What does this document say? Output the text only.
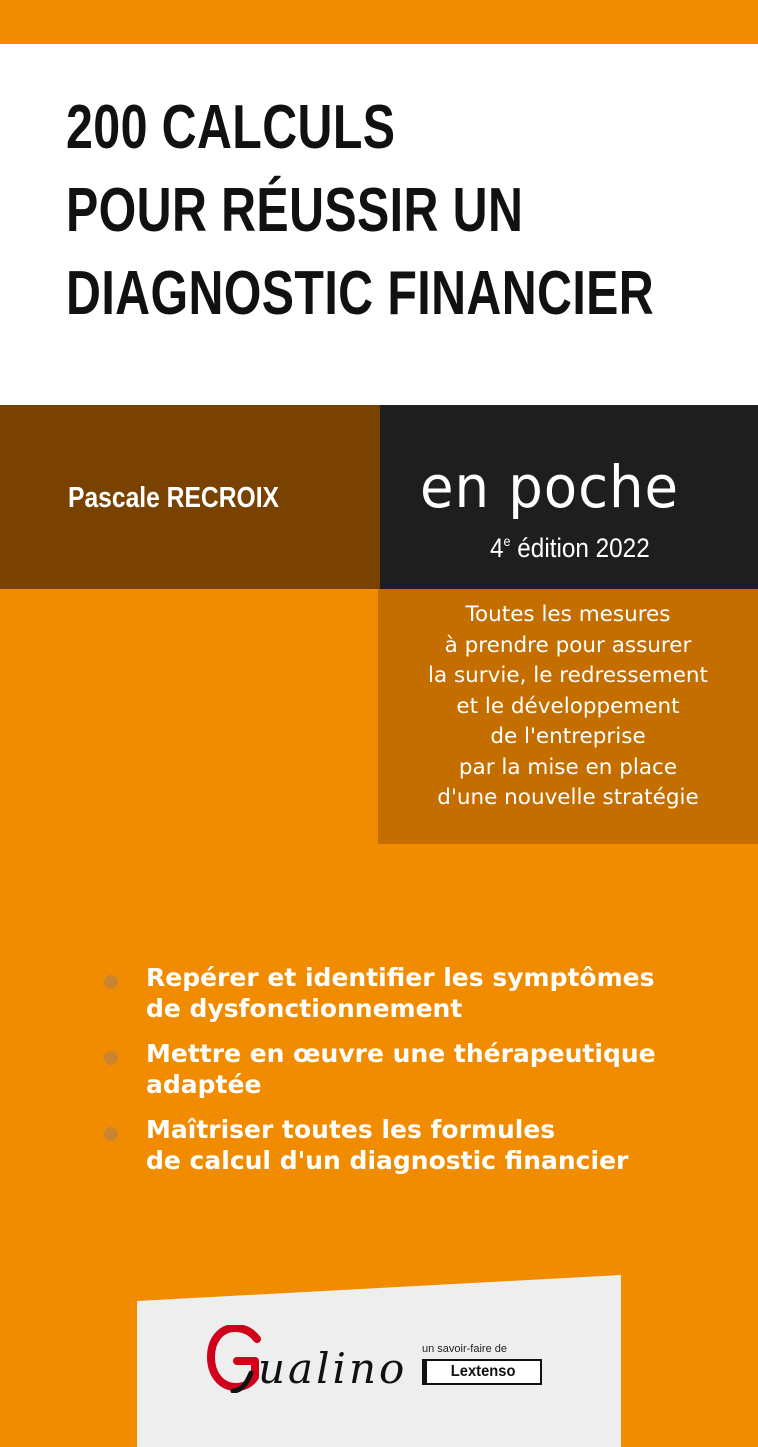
200 CALCULS
POUR RÉUSSIR UN
DIAGNOSTIC FINANCIER

Pascale RECROIX en poche
4e édition 2022
Toutes les mesures
à prendre pour assurer
la survie, le redressement
et le développement
de l'entreprise
par la mise en place
d'une nouvelle stratégie
Repérer et identifier les symptômes
de dysfonctionnement
Mettre en œuvre une thérapeutique
adaptée
Maîtriser toutes les formules
de calcul d'un diagnostic financier
ualino un savoir-faire de
Lextenso
